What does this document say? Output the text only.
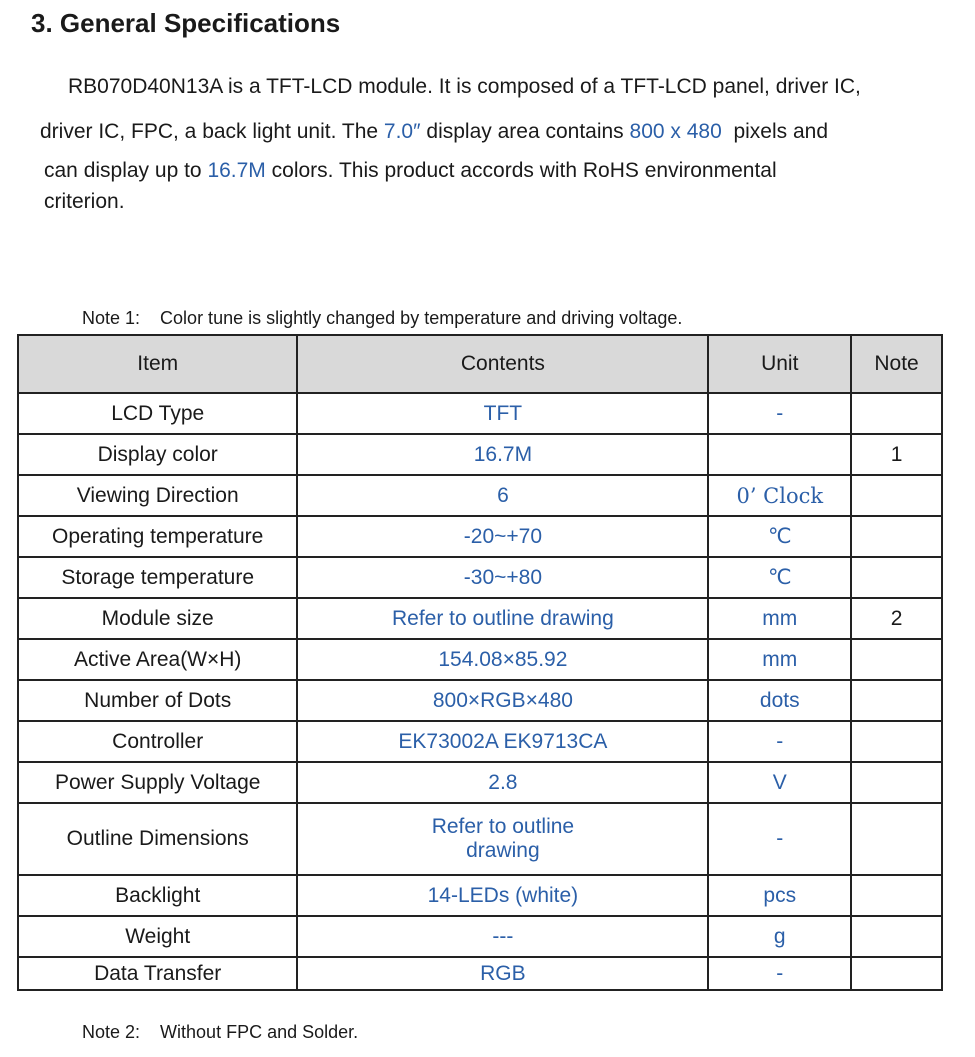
3. General Specifications
RB070D40N13A is a TFT-LCD module. It is composed of a TFT-LCD panel, driver IC,
driver IC, FPC, a back light unit. The 7.0″ display area contains 800 x 480  pixels and
can display up to 16.7M colors. This product accords with RoHS environmental
criterion.
Note 1: Color tune is slightly changed by temperature and driving voltage.
Item	Contents	Unit	Note
LCD Type	TFT	-	
Display color	16.7M		1
Viewing Direction	6	0’ Clock	
Operating temperature	-20~+70	℃	
Storage temperature	-30~+80	℃	
Module size	Refer to outline drawing	mm	2
Active Area(W×H)	154.08×85.92	mm	
Number of Dots	800×RGB×480	dots	
Controller	EK73002A EK9713CA	-	
Power Supply Voltage	2.8	V	
Outline Dimensions	Refer to outline
drawing	-	
Backlight	14-LEDs (white)	pcs	
Weight	---	g	
Data Transfer	RGB	-	
Note 2: Without FPC and Solder.
